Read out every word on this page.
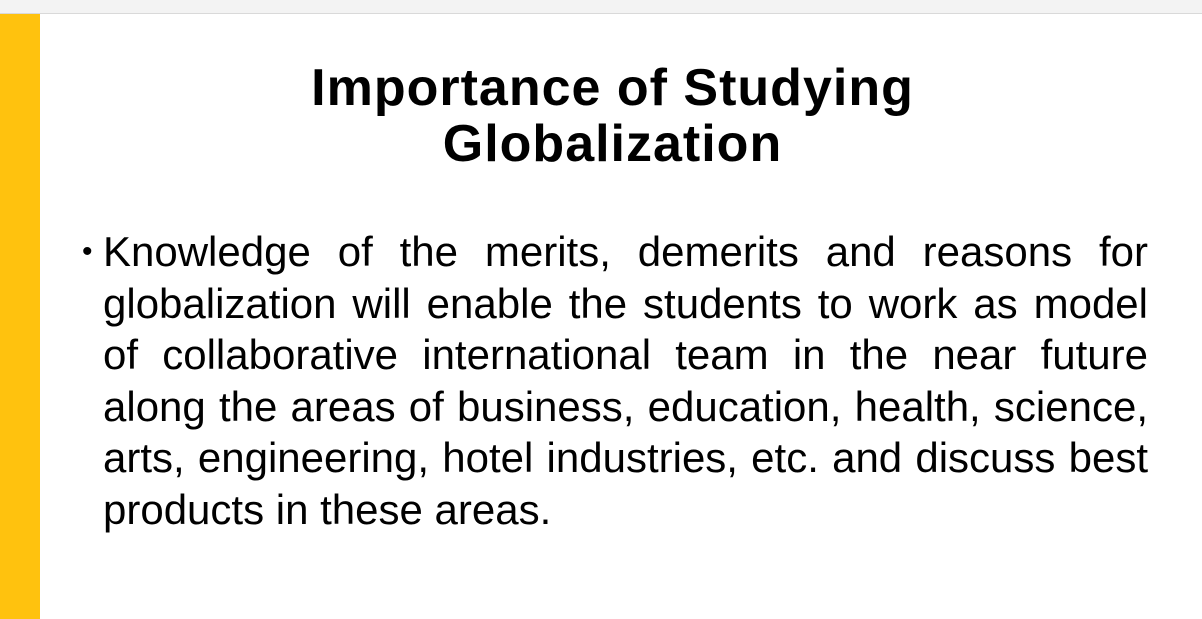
Importance of Studying Globalization
• Knowledge of the merits, demerits and reasons for globalization will enable the students to work as model of collaborative international team in the near future along the areas of business, education, health, science, arts, engineering, hotel industries, etc. and discuss best products in these areas.
